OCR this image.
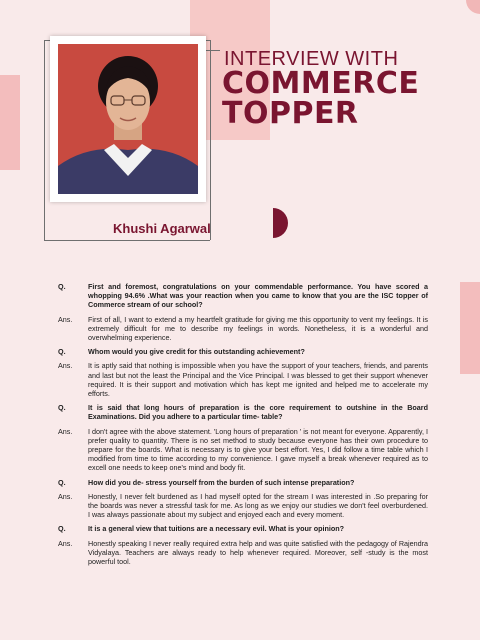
INTERVIEW WITH
COMMERCE
TOPPER
Khushi Agarwal
Q.	First and foremost, congratulations on your commendable performance. You have scored a whopping 94.6% .What was your reaction when you came to know that you are the ISC topper of Commerce stream of our school?
Ans.	First of all, I want to extend a my heartfelt gratitude for giving me this opportunity to vent my feelings. It is extremely difficult for me to describe my feelings in words. Nonetheless, it is a wonderful and overwhelming experience.
Q.	Whom would you give credit for this outstanding achievement?
Ans.	It is aptly said that nothing is impossible when you have the support of your teachers, friends, and parents and last but not the least the Principal and the Vice Principal. I was blessed to get their support whenever required. It is their support and motivation which has kept me ignited and helped me to accelerate my efforts.
Q.	It is said that long hours of preparation is the core requirement to outshine in the Board Examinations. Did you adhere to a particular time- table?
Ans.	I don't agree with the above statement. 'Long hours of preparation ' is not meant for everyone. Apparently, I prefer quality to quantity. There is no set method to study because everyone has their own procedure to prepare for the boards. What is necessary is to give your best effort. Yes, I did follow a time table which I modified from time to time according to my convenience. I gave myself a break whenever required as to excell one needs to keep one's mind and body fit.
Q.	How did you de- stress yourself from the burden of such intense preparation?
Ans.	Honestly, I never felt burdened as I had myself opted for the stream I was interested in .So preparing for the boards was never a stressful task for me. As long as we enjoy our studies we don't feel overburdened. I was always passionate about my subject and enjoyed each and every moment.
Q.	It is a general view that tuitions are a necessary evil. What is your opinion?
Ans.	Honestly speaking I never really required extra help and was quite satisfied with the pedagogy of Rajendra Vidyalaya. Teachers are always ready to help whenever required. Moreover, self -study is the most powerful tool.
